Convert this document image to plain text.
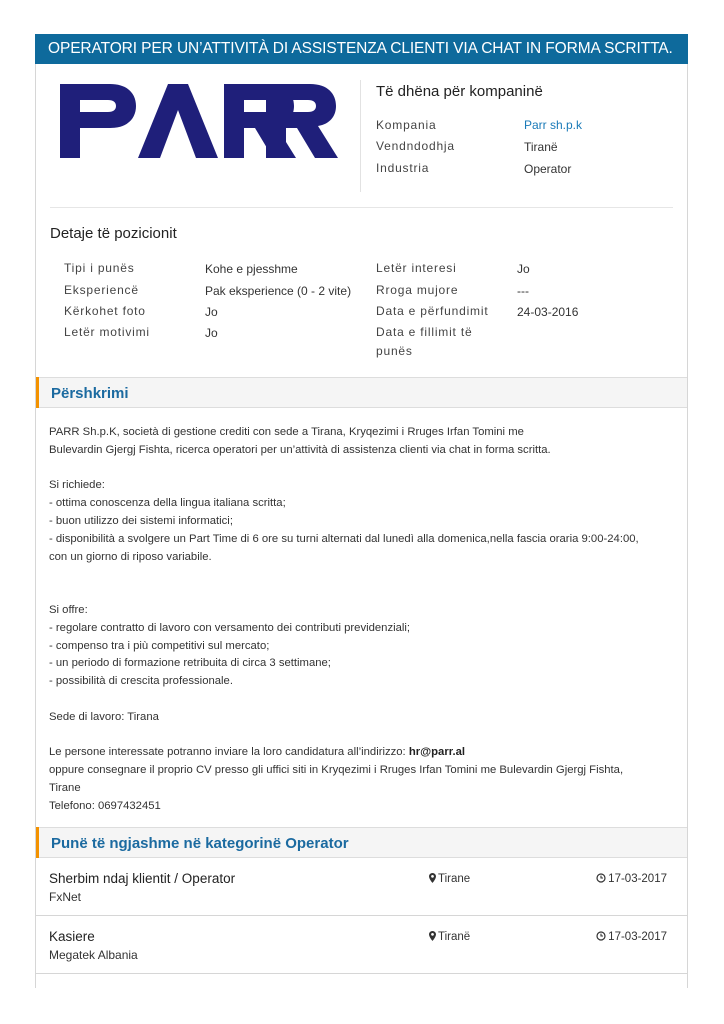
OPERATORI PER UN’ATTIVITÀ DI ASSISTENZA CLIENTI VIA CHAT IN FORMA SCRITTA.
Të dhëna për kompaninë
Kompania	Parr sh.p.k
Vendndodhja	Tiranë
Industria	Operator
Detaje të pozicionit
Tipi i punës	Kohe e pjesshme
Eksperiencë	Pak eksperience (0 - 2 vite)
Kërkohet foto	Jo
Letër motivimi	Jo
Letër interesi	Jo
Rroga mujore	---
Data e përfundimit 24-03-2016
Data e fillimit të
punës
Përshkrimi
PARR Sh.p.K, società di gestione crediti con sede a Tirana, Kryqezimi i Rruges Irfan Tomini me
Bulevardin Gjergj Fishta, ricerca operatori per un’attività di assistenza clienti via chat in forma scritta.
Si richiede:
- ottima conoscenza della lingua italiana scritta;
- buon utilizzo dei sistemi informatici;
- disponibilità a svolgere un Part Time di 6 ore su turni alternati dal lunedì alla domenica,nella fascia oraria 9:00-24:00,
con un giorno di riposo variabile.
Si offre:
- regolare contratto di lavoro con versamento dei contributi previdenziali;
- compenso tra i più competitivi sul mercato;
- un periodo di formazione retribuita di circa 3 settimane;
- possibilità di crescita professionale.
Sede di lavoro: Tirana
Le persone interessate potranno inviare la loro candidatura all’indirizzo: hr@parr.al
oppure consegnare il proprio CV presso gli uffici siti in Kryqezimi i Rruges Irfan Tomini me Bulevardin Gjergj Fishta,
Tirane
Telefono: 0697432451
Punë të ngjashme në kategorinë Operator
Sherbim ndaj klientit / Operator
FxNet
Tirane	17-03-2017
Kasiere
Megatek Albania
Tiranë	17-03-2017
